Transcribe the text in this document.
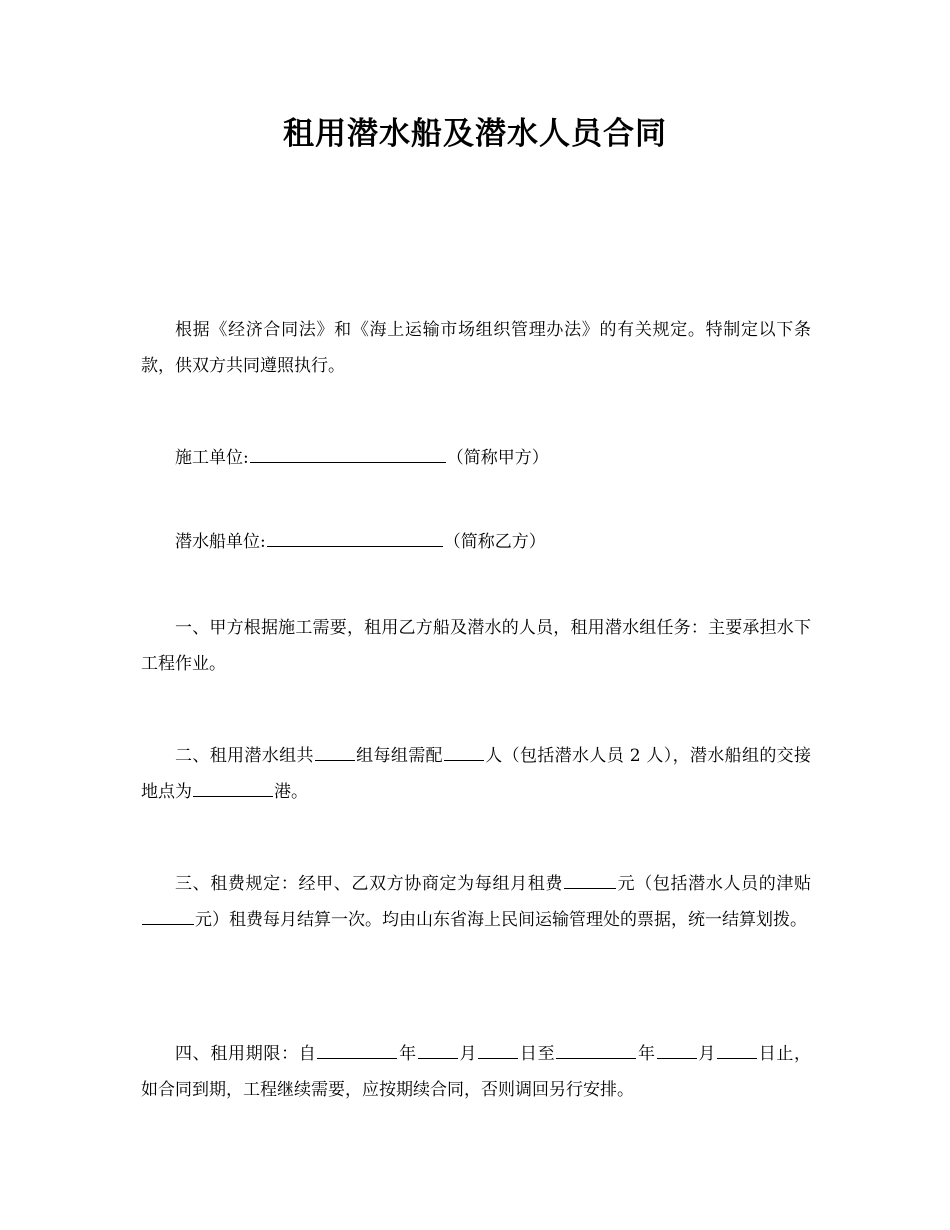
租用潜水船及潜水人员合同
根据《经济合同法》和《海上运输市场组织管理办法》的有关规定。特制定以下条款，供双方共同遵照执行。
施工单位:	（简称甲方）
潜水船单位:	（简称乙方）
一、甲方根据施工需要，租用乙方船及潜水的人员，租用潜水组任务：主要承担水下工程作业。
二、租用潜水组共 组每组需配 人（包括潜水人员 2 人），潜水船组的交接地点为	港。
三、租费规定：经甲、乙双方协商定为每组月租费	元（包括潜水人员的津贴元）租费每月结算一次。均由山东省海上民间运输管理处的票据，统一结算划拨。
四、租用期限：自	年 月 日至	年 月 日止，如合同到期，工程继续需要，应按期续合同，否则调回另行安排。
